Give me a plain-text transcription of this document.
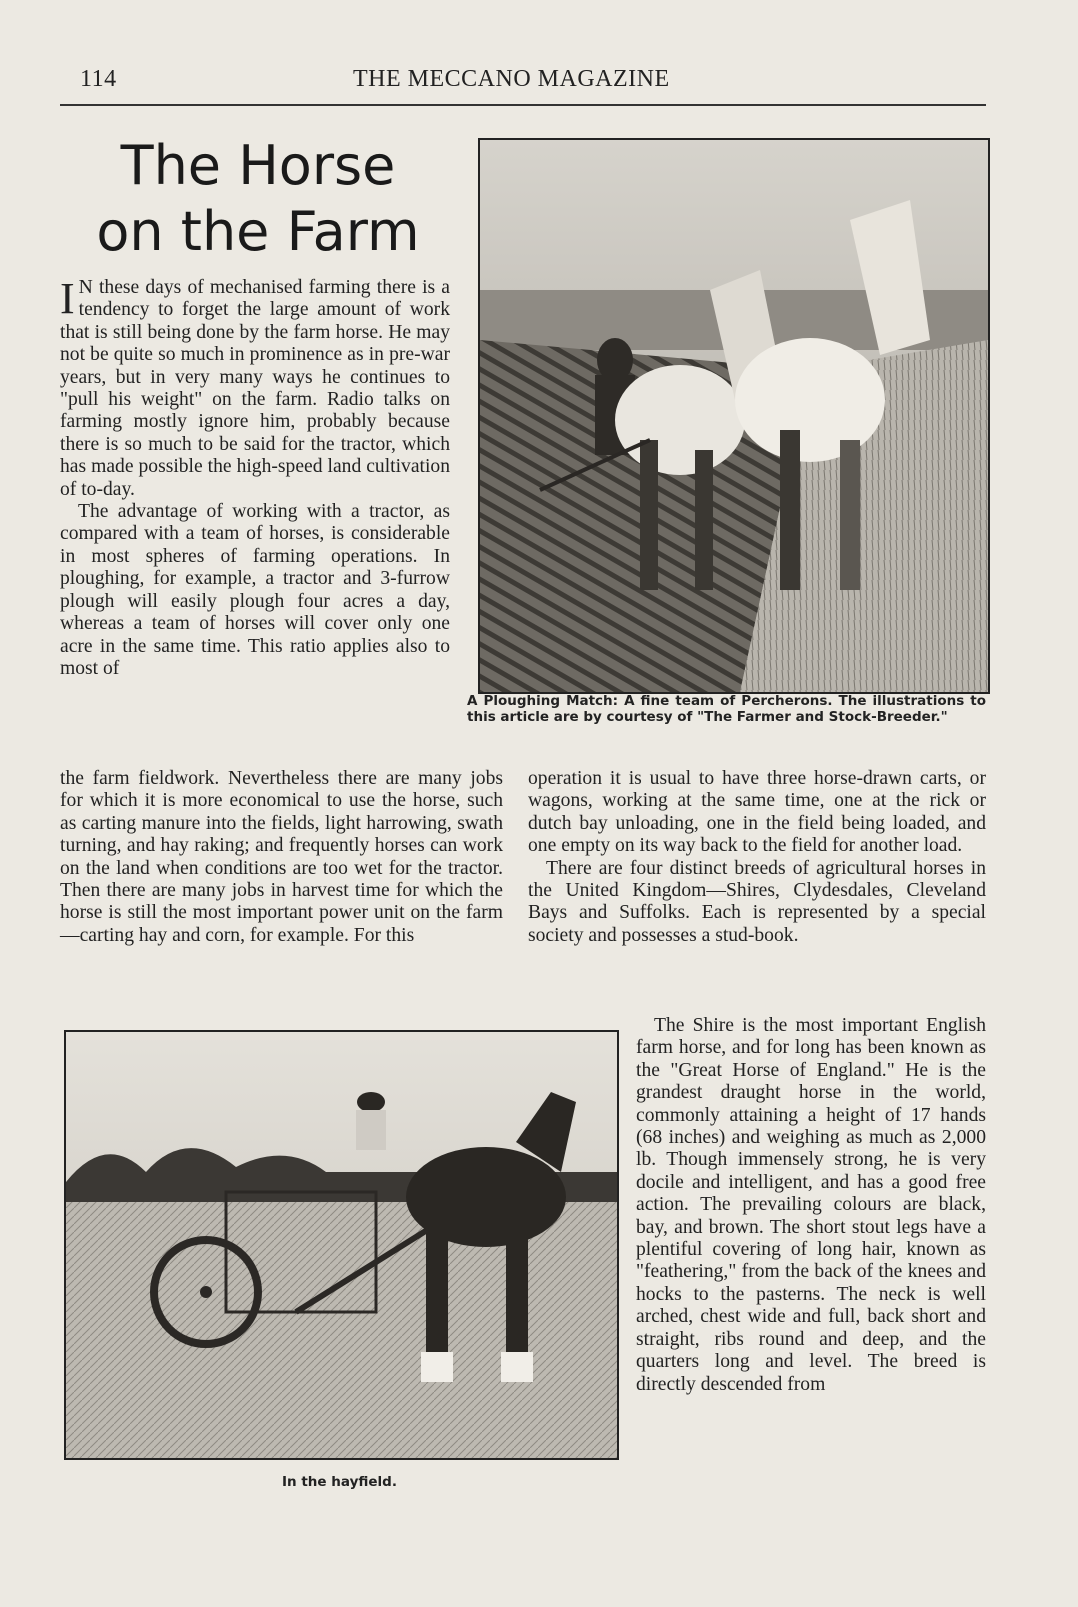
114	THE MECCANO MAGAZINE
The Horse
on the Farm

IN these days of mechanised farming there is a tendency to forget the large amount of work that is still being done by the farm horse. He may not be quite so much in prominence as in pre-war years, but in very many ways he continues to "pull his weight" on the farm. Radio talks on farming mostly ignore him, probably because there is so much to be said for the tractor, which has made possible the high-speed land cultivation of to-day.

The advantage of working with a tractor, as compared with a team of horses, is considerable in most spheres of farming operations. In ploughing, for example, a tractor and 3-furrow plough will easily plough four acres a day, whereas a team of horses will cover only one acre in the same time. This ratio applies also to most of

the farm fieldwork. Nevertheless there are many jobs for which it is more economical to use the horse, such as carting manure into the fields, light harrowing, swath turning, and hay raking; and frequently horses can work on the land when conditions are too wet for the tractor. Then there are many jobs in harvest time for which the horse is still the most important power unit on the farm—carting hay and corn, for example. For this

A Ploughing Match: A fine team of Percherons. The illustrations to this article are by courtesy of "The Farmer and Stock-Breeder."

operation it is usual to have three horse-drawn carts, or wagons, working at the same time, one at the rick or dutch bay unloading, one in the field being loaded, and one empty on its way back to the field for another load.

There are four distinct breeds of agricultural horses in the United Kingdom—Shires, Clydesdales, Cleveland Bays and Suffolks. Each is represented by a special society and possesses a stud-book.

In the hayfield.

The Shire is the most important English farm horse, and for long has been known as the "Great Horse of England." He is the grandest draught horse in the world, commonly attaining a height of 17 hands (68 inches) and weighing as much as 2,000 lb. Though immensely strong, he is very docile and intelligent, and has a good free action. The prevailing colours are black, bay, and brown. The short stout legs have a plentiful covering of long hair, known as "feathering," from the back of the knees and hocks to the pasterns. The neck is well arched, chest wide and full, back short and straight, ribs round and deep, and the quarters long and level. The breed is directly descended from
